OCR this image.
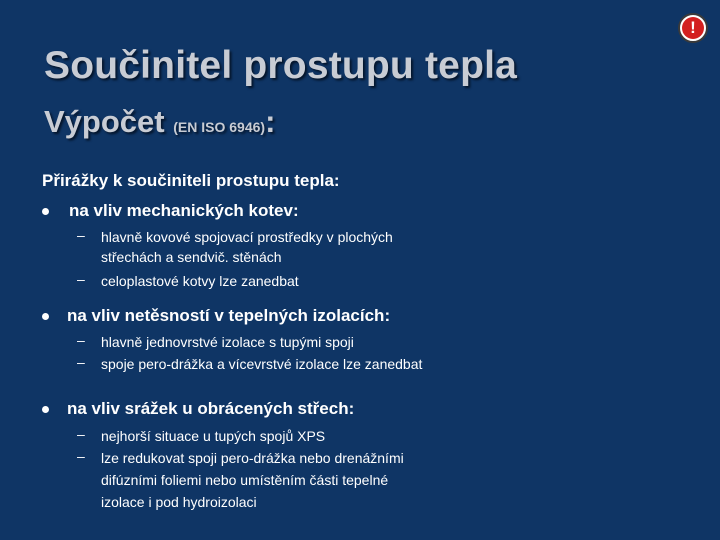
Součinitel prostupu tepla
Výpočet (EN ISO 6946):
!
Přirážky k součiniteli prostupu tepla:
na vliv mechanických kotev:
– hlavně kovové spojovací prostředky v plochých
střechách a sendvič. stěnách
– celoplastové kotvy lze zanedbat
na vliv netěsností v tepelných izolacích:
– hlavně jednovrstvé izolace s tupými spoji
– spoje pero-drážka a vícevrstvé izolace lze zanedbat
na vliv srážek u obrácených střech:
– nejhorší situace u tupých spojů XPS
– lze redukovat spoji pero-drážka nebo drenážními
difúzními foliemi nebo umístěním části tepelné
izolace i pod hydroizolaci
